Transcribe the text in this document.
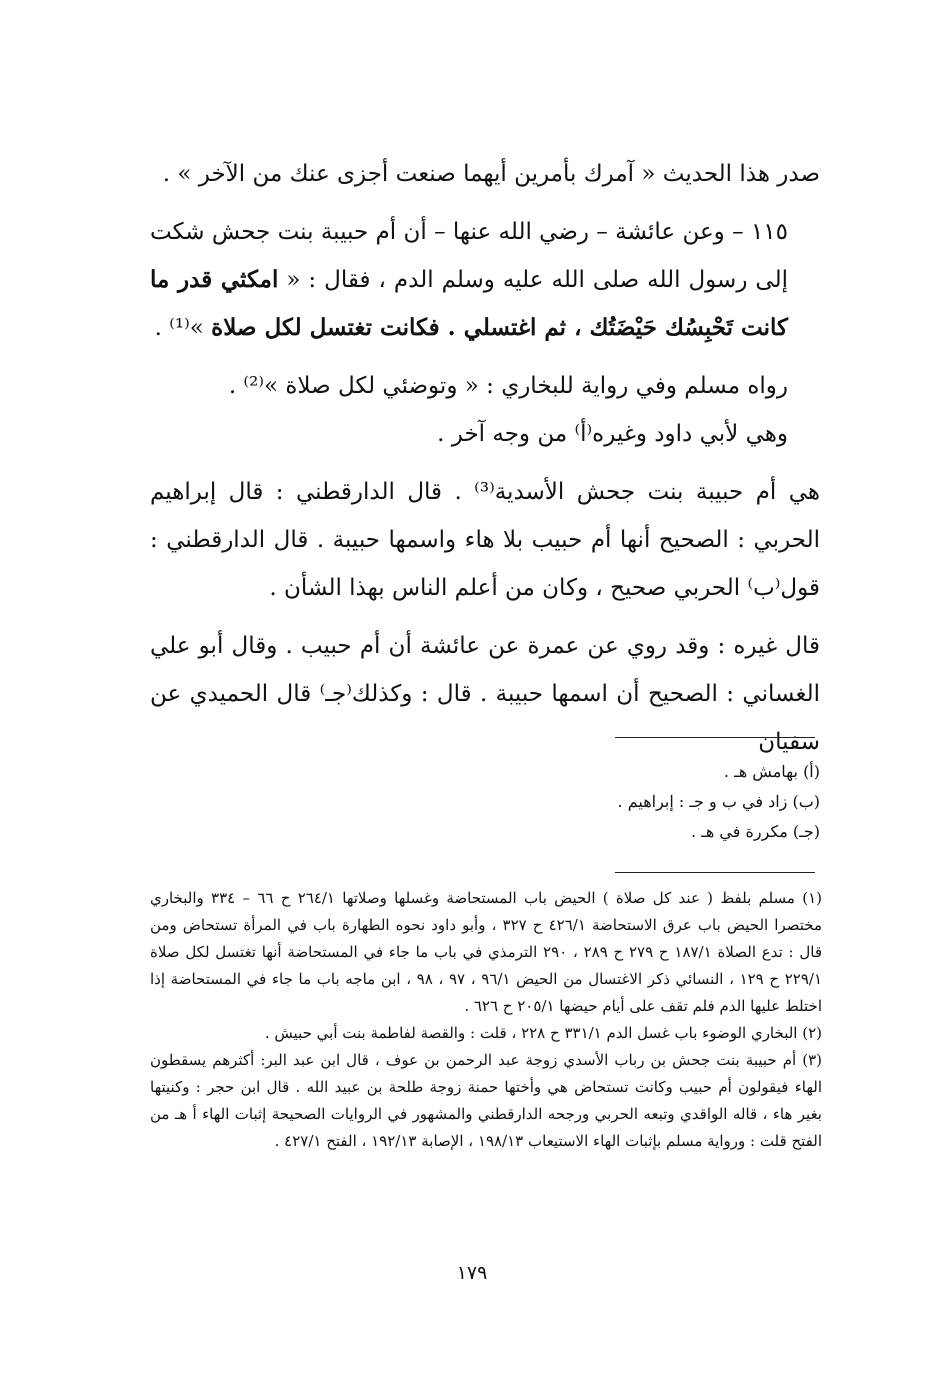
صدر هذا الحديث « آمرك بأمرين أيهما صنعت أجزى عنك من الآخر » .

١١٥ – وعن عائشة – رضي الله عنها – أن أم حبيبة بنت جحش شكت إلى رسول الله صلى الله عليه وسلم الدم ، فقال : « امكثي قدر ما كانت تَحْبِسُك حَيْضَتُك ، ثم اغتسلي . فكانت تغتسل لكل صلاة »⁽¹⁾ .

رواه مسلم وفي رواية للبخاري : « وتوضئي لكل صلاة »⁽²⁾ .

وهي لأبي داود وغيره⁽أ⁾ من وجه آخر .

هي أم حبيبة بنت جحش الأسدية⁽³⁾ . قال الدارقطني : قال إبراهيم الحربي : الصحيح أنها أم حبيب بلا هاء واسمها حبيبة . قال الدارقطني : قول⁽ب⁾ الحربي صحيح ، وكان من أعلم الناس بهذا الشأن .

قال غيره : وقد روي عن عمرة عن عائشة أن أم حبيب . وقال أبو علي الغساني : الصحيح أن اسمها حبيبة . قال : وكذلك⁽جـ⁾ قال الحميدي عن سفيان

(أ) بهامش هـ .
(ب) زاد في ب و جـ : إبراهيم .
(جـ) مكررة في هـ .
(١) مسلم بلفظ ( عند كل صلاة ) الحيض باب المستحاضة وغسلها وصلاتها ٢٦٤/١ ح ٦٦ – ٣٣٤ والبخاري مختصرا الحيض باب عرق الاستحاضة ٤٢٦/١ ح ٣٢٧ ، وأبو داود نحوه الطهارة باب في المرأة تستحاض ومن قال : تدع الصلاة ١٨٧/١ ح ٢٧٩ ح ٢٨٩ ، ٢٩٠ الترمذي في باب ما جاء في المستحاضة أنها تغتسل لكل صلاة ٢٢٩/١ ح ١٢٩ ، النسائي ذكر الاغتسال من الحيض ٩٦/١ ، ٩٧ ، ٩٨ ، ابن ماجه باب ما جاء في المستحاضة إذا اختلط عليها الدم فلم تقف على أيام حيضها ٢٠٥/١ ح ٦٢٦ .
(٢) البخاري الوضوء باب غسل الدم ٣٣١/١ ح ٢٢٨ ، قلت : والقصة لفاطمة بنت أبي حبيش .
(٣) أم حبيبة بنت جحش بن رباب الأسدي زوجة عبد الرحمن بن عوف ، قال ابن عبد البر: أكثرهم يسقطون الهاء فيقولون أم حبيب وكانت تستحاض هي وأختها حمنة زوجة طلحة بن عبيد الله . قال ابن حجر : وكنيتها بغير هاء ، قاله الواقدي وتبعه الحربي ورجحه الدارقطني والمشهور في الروايات الصحيحة إثبات الهاء أ هـ من الفتح قلت : ورواية مسلم بإثبات الهاء الاستيعاب ١٩٨/١٣ ، الإصابة ١٩٢/١٣ ، الفتح ٤٢٧/١ .
١٧٩
